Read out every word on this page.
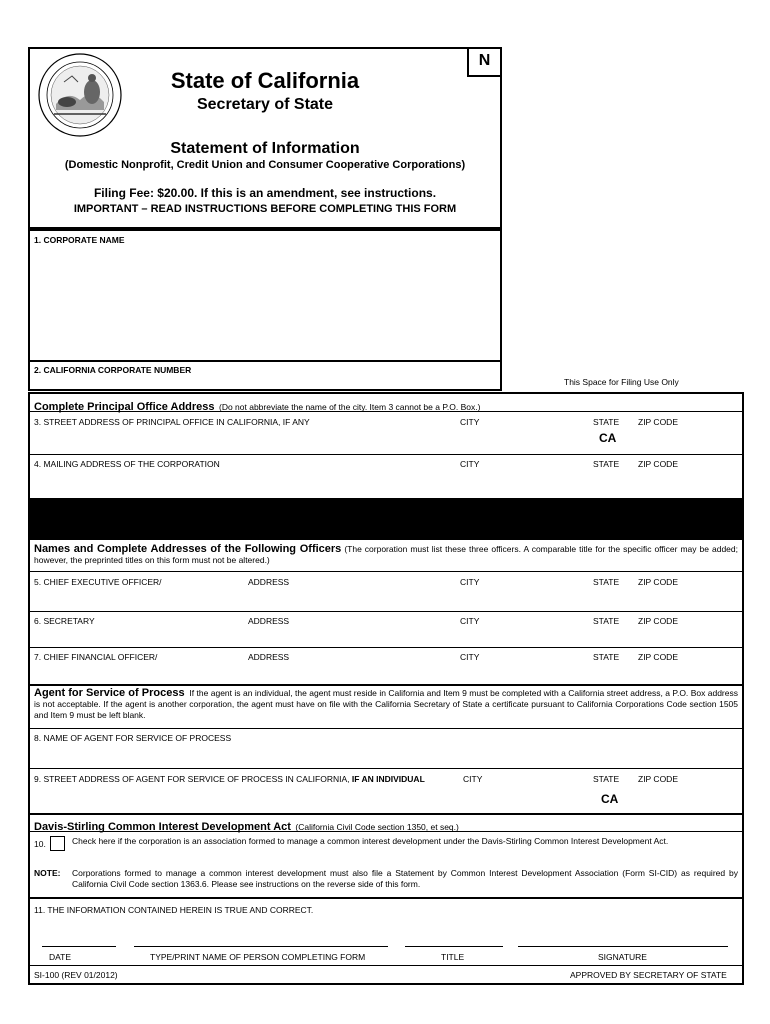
State of California
Secretary of State
Statement of Information
(Domestic Nonprofit, Credit Union and Consumer Cooperative Corporations)
Filing Fee: $20.00. If this is an amendment, see instructions.
IMPORTANT – READ INSTRUCTIONS BEFORE COMPLETING THIS FORM
N
1. CORPORATE NAME
2. CALIFORNIA CORPORATE NUMBER
This Space for Filing Use Only
Complete Principal Office Address (Do not abbreviate the name of the city. Item 3 cannot be a P.O. Box.)
3. STREET ADDRESS OF PRINCIPAL OFFICE IN CALIFORNIA, IF ANY	CITY	STATE ZIP CODE
CA
4. MAILING ADDRESS OF THE CORPORATION	CITY	STATE ZIP CODE
Names and Complete Addresses of the Following Officers (The corporation must list these three officers. A comparable title for the specific officer may be added; however, the preprinted titles on this form must not be altered.)
5. CHIEF EXECUTIVE OFFICER/	ADDRESS	CITY	STATE ZIP CODE
6. SECRETARY	ADDRESS	CITY	STATE ZIP CODE
7. CHIEF FINANCIAL OFFICER/	ADDRESS	CITY	STATE ZIP CODE
Agent for Service of Process If the agent is an individual, the agent must reside in California and Item 9 must be completed with a California street address, a P.O. Box address is not acceptable. If the agent is another corporation, the agent must have on file with the California Secretary of State a certificate pursuant to California Corporations Code section 1505 and Item 9 must be left blank.
8. NAME OF AGENT FOR SERVICE OF PROCESS
9. STREET ADDRESS OF AGENT FOR SERVICE OF PROCESS IN CALIFORNIA, IF AN INDIVIDUAL	CITY	STATE ZIP CODE
CA
Davis-Stirling Common Interest Development Act (California Civil Code section 1350, et seq.)
10.	Check here if the corporation is an association formed to manage a common interest development under the Davis-Stirling Common Interest Development Act.
NOTE: Corporations formed to manage a common interest development must also file a Statement by Common Interest Development Association (Form SI-CID) as required by California Civil Code section 1363.6. Please see instructions on the reverse side of this form.
11. THE INFORMATION CONTAINED HEREIN IS TRUE AND CORRECT.
DATE	TYPE/PRINT NAME OF PERSON COMPLETING FORM	TITLE	SIGNATURE
SI-100 (REV 01/2012)	APPROVED BY SECRETARY OF STATE
